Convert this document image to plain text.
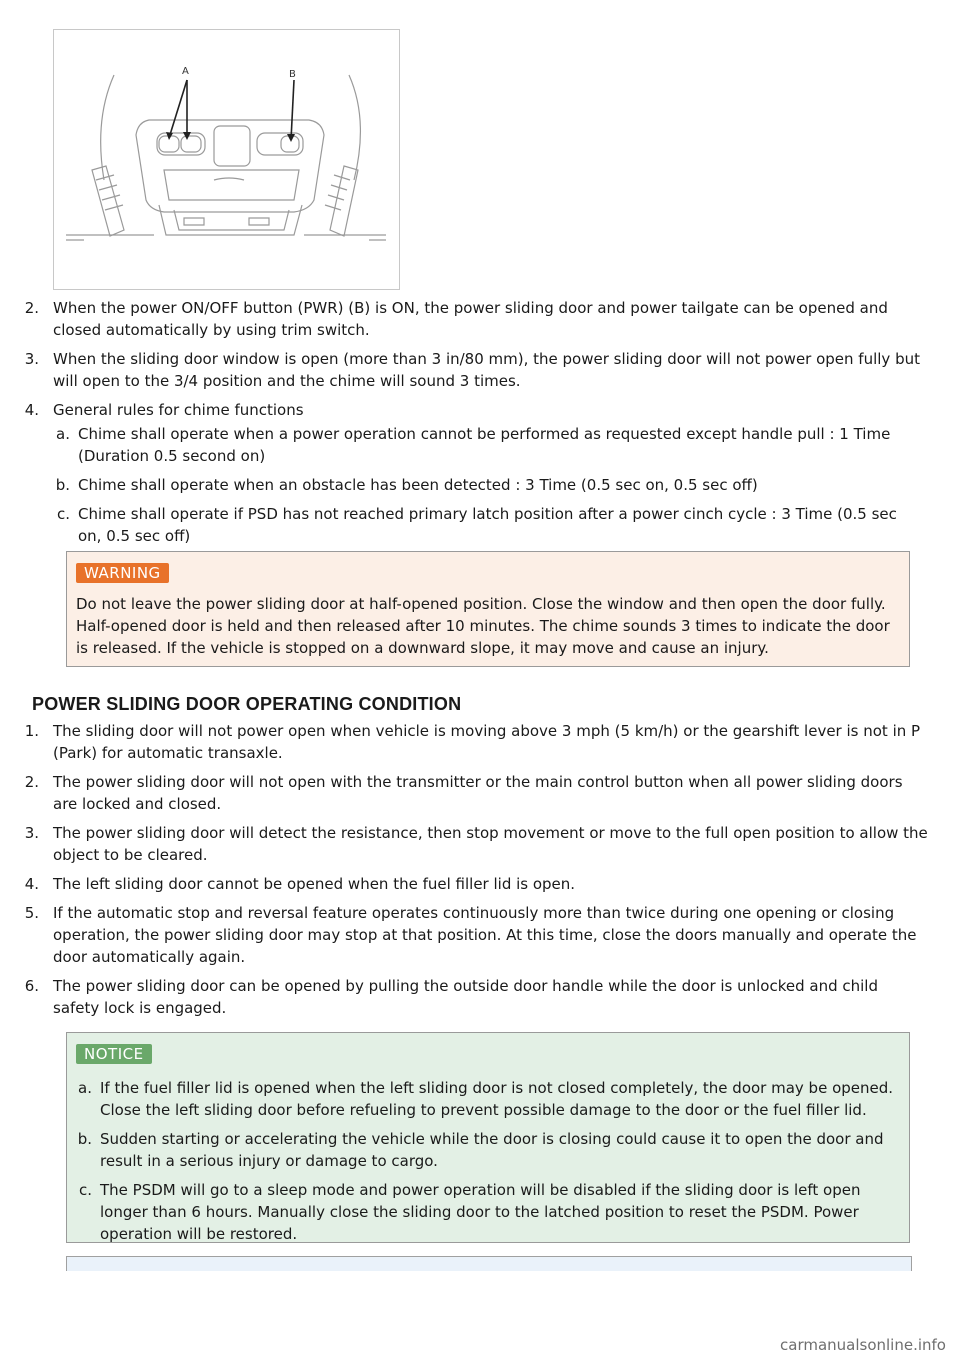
A	B
2. When the power ON/OFF button (PWR) (B) is ON, the power sliding door and power tailgate can be opened and closed automatically by using trim switch.
3. When the sliding door window is open (more than 3 in/80 mm), the power sliding door will not power open fully but will open to the 3/4 position and the chime will sound 3 times.
4. General rules for chime functions
a. Chime shall operate when a power operation cannot be performed as requested except handle pull : 1 Time (Duration 0.5 second on)
b. Chime shall operate when an obstacle has been detected : 3 Time (0.5 sec on, 0.5 sec off)
c. Chime shall operate if PSD has not reached primary latch position after a power cinch cycle : 3 Time (0.5 sec on, 0.5 sec off)
WARNING
Do not leave the power sliding door at half-opened position. Close the window and then open the door fully. Half-opened door is held and then released after 10 minutes. The chime sounds 3 times to indicate the door is released. If the vehicle is stopped on a downward slope, it may move and cause an injury.
POWER SLIDING DOOR OPERATING CONDITION
1. The sliding door will not power open when vehicle is moving above 3 mph (5 km/h) or the gearshift lever is not in P (Park) for automatic transaxle.
2. The power sliding door will not open with the transmitter or the main control button when all power sliding doors are locked and closed.
3. The power sliding door will detect the resistance, then stop movement or move to the full open position to allow the object to be cleared.
4. The left sliding door cannot be opened when the fuel filler lid is open.
5. If the automatic stop and reversal feature operates continuously more than twice during one opening or closing operation, the power sliding door may stop at that position. At this time, close the doors manually and operate the door automatically again.
6. The power sliding door can be opened by pulling the outside door handle while the door is unlocked and child safety lock is engaged.
NOTICE
a. If the fuel filler lid is opened when the left sliding door is not closed completely, the door may be opened. Close the left sliding door before refueling to prevent possible damage to the door or the fuel filler lid.
b. Sudden starting or accelerating the vehicle while the door is closing could cause it to open the door and result in a serious injury or damage to cargo.
c. The PSDM will go to a sleep mode and power operation will be disabled if the sliding door is left open longer than 6 hours. Manually close the sliding door to the latched position to reset the PSDM. Power operation will be restored.
carmanualsonline.info
